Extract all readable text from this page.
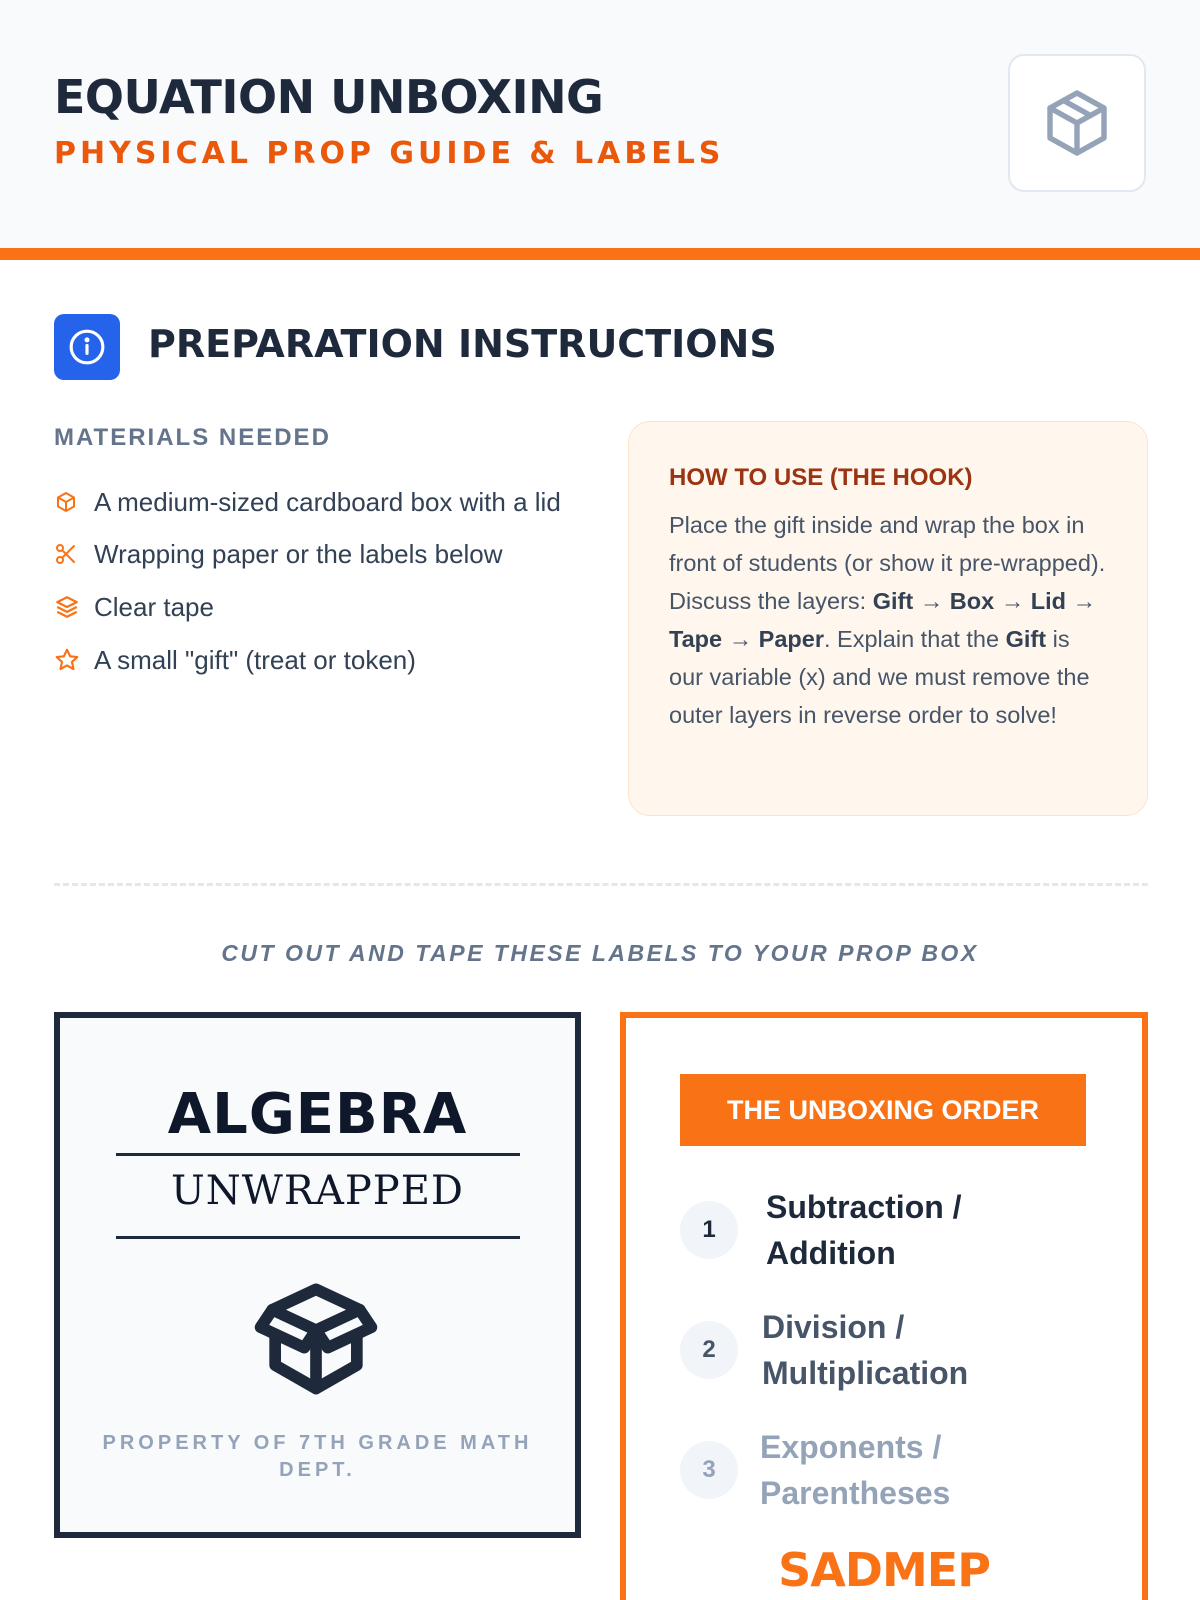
EQUATION UNBOXING
PHYSICAL PROP GUIDE & LABELS
PREPARATION INSTRUCTIONS
MATERIALS NEEDED
A medium-sized cardboard box with a lid
Wrapping paper or the labels below
Clear tape
A small "gift" (treat or token)
HOW TO USE (THE HOOK)
Place the gift inside and wrap the box in front of students (or show it pre-wrapped). Discuss the layers: Gift → Box → Lid → Tape → Paper. Explain that the Gift is our variable (x) and we must remove the outer layers in reverse order to solve!
CUT OUT AND TAPE THESE LABELS TO YOUR PROP BOX
ALGEBRA
UNWRAPPED
PROPERTY OF 7TH GRADE MATH DEPT.
THE UNBOXING ORDER
1
Subtraction / Addition
2
Division / Multiplication
3
Exponents / Parentheses
SADMEP
